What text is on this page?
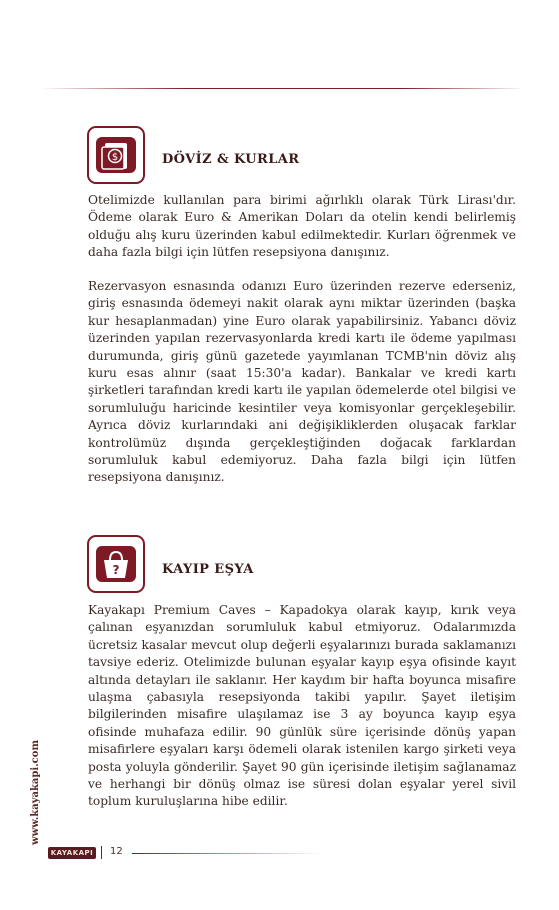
$	DÖVİZ & KURLAR

Otelimizde kullanılan para birimi ağırlıklı olarak Türk Lirası'dır. Ödeme olarak Euro & Amerikan Doları da otelin kendi belirlemiş olduğu alış kuru üzerinden kabul edilmektedir. Kurları öğrenmek ve daha fazla bilgi için lütfen resepsiyona danışınız.

Rezervasyon esnasında odanızı Euro üzerinden rezerve ederseniz, giriş esnasında ödemeyi nakit olarak aynı miktar üzerinden (başka kur hesaplanmadan) yine Euro olarak yapabilirsiniz. Yabancı döviz üzerinden yapılan rezervasyonlarda kredi kartı ile ödeme yapılması durumunda, giriş günü gazetede yayımlanan TCMB'nin döviz alış kuru esas alınır (saat 15:30'a kadar). Bankalar ve kredi kartı şirketleri tarafından kredi kartı ile yapılan ödemelerde otel bilgisi ve sorumluluğu haricinde kesintiler veya komisyonlar gerçekleşebilir. Ayrıca döviz kurlarındaki ani değişikliklerden oluşacak farklar kontrolümüz dışında gerçekleştiğinden doğacak farklardan sorumluluk kabul edemiyoruz. Daha fazla bilgi için lütfen resepsiyona danışınız.

?	KAYIP EŞYA

Kayakapı Premium Caves – Kapadokya olarak kayıp, kırık veya çalınan eşyanızdan sorumluluk kabul etmiyoruz. Odalarımızda ücretsiz kasalar mevcut olup değerli eşyalarınızı burada saklamanızı tavsiye ederiz. Otelimizde bulunan eşyalar kayıp eşya ofisinde kayıt altında detayları ile saklanır. Her kaydım bir hafta boyunca misafire ulaşma çabasıyla resepsiyonda takibi yapılır. Şayet iletişim bilgilerinden misafire ulaşılamaz ise 3 ay boyunca kayıp eşya ofisinde muhafaza edilir. 90 günlük süre içerisinde dönüş yapan misafirlere eşyaları karşı ödemeli olarak istenilen kargo şirketi veya posta yoluyla gönderilir. Şayet 90 gün içerisinde iletişim sağlanamaz ve herhangi bir dönüş olmaz ise süresi dolan eşyalar yerel sivil toplum kuruluşlarına hibe edilir.

www.kayakapi.com
KAYAKAPI 12
